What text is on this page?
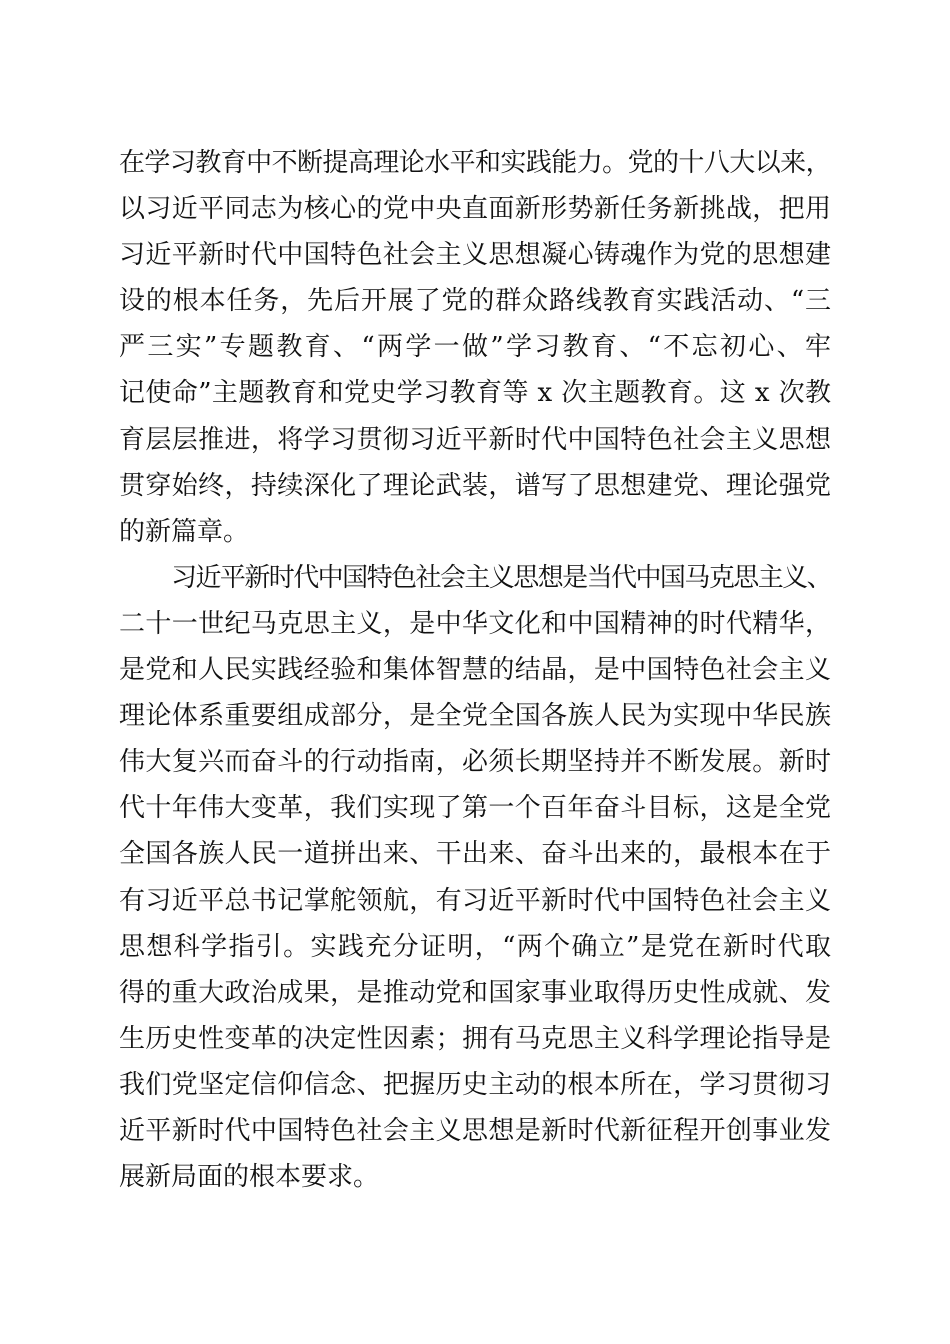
在学习教育中不断提高理论水平和实践能力。党的十八大以来，
以习近平同志为核心的党中央直面新形势新任务新挑战，把用
习近平新时代中国特色社会主义思想凝心铸魂作为党的思想建
设的根本任务，先后开展了党的群众路线教育实践活动、“三
严三实”专题教育、“两学一做”学习教育、“不忘初心、牢
记使命”主题教育和党史学习教育等 x 次主题教育。这 x 次教
育层层推进，将学习贯彻习近平新时代中国特色社会主义思想
贯穿始终，持续深化了理论武装，谱写了思想建党、理论强党
的新篇章。
习近平新时代中国特色社会主义思想是当代中国马克思主义、
二十一世纪马克思主义，是中华文化和中国精神的时代精华，
是党和人民实践经验和集体智慧的结晶，是中国特色社会主义
理论体系重要组成部分，是全党全国各族人民为实现中华民族
伟大复兴而奋斗的行动指南，必须长期坚持并不断发展。新时
代十年伟大变革，我们实现了第一个百年奋斗目标，这是全党
全国各族人民一道拼出来、干出来、奋斗出来的，最根本在于
有习近平总书记掌舵领航，有习近平新时代中国特色社会主义
思想科学指引。实践充分证明，“两个确立”是党在新时代取
得的重大政治成果，是推动党和国家事业取得历史性成就、发
生历史性变革的决定性因素；拥有马克思主义科学理论指导是
我们党坚定信仰信念、把握历史主动的根本所在，学习贯彻习
近平新时代中国特色社会主义思想是新时代新征程开创事业发
展新局面的根本要求。
